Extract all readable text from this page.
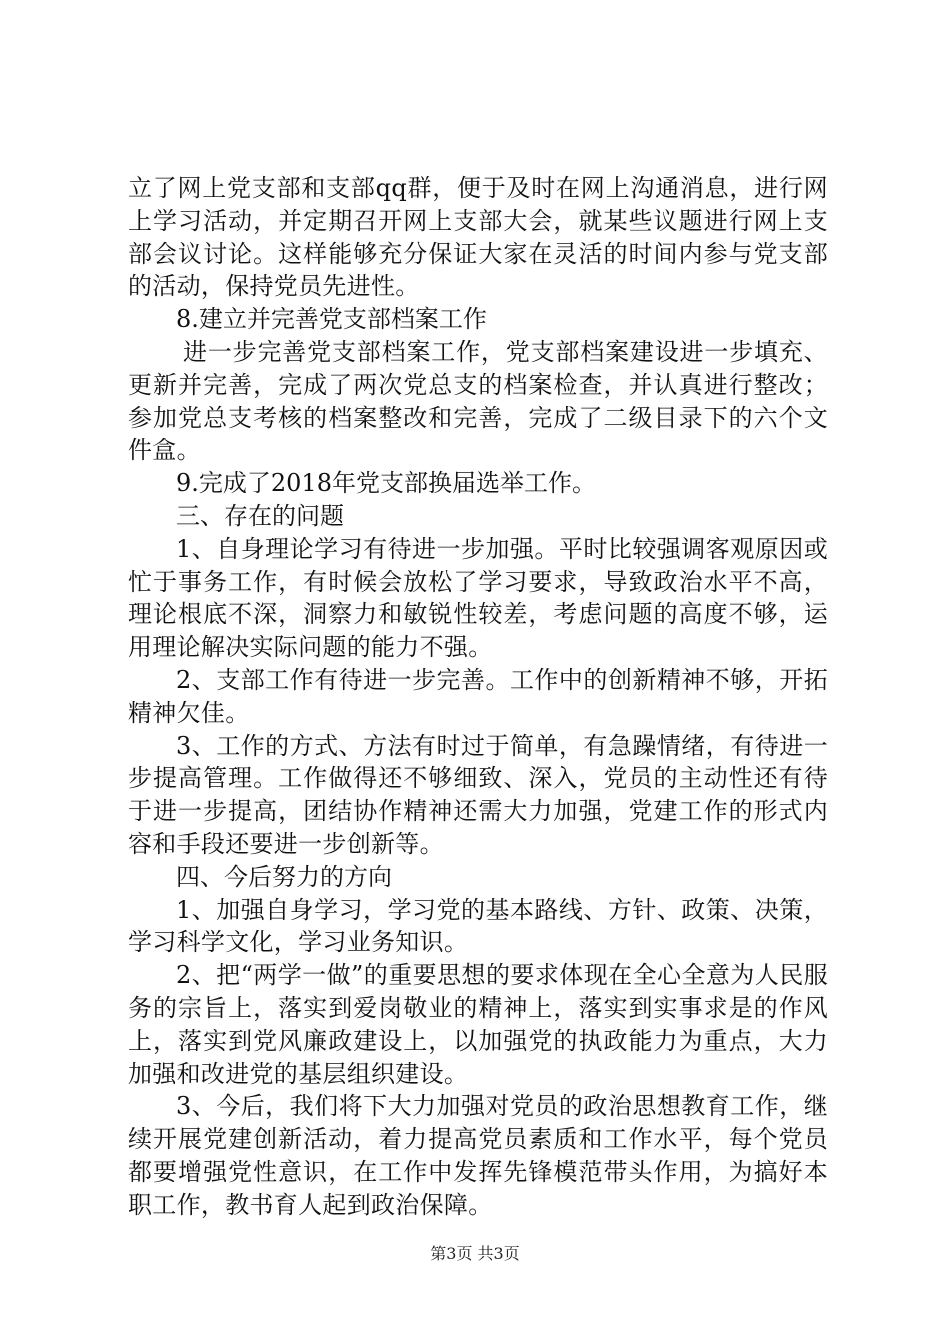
立了网上党支部和支部qq群，便于及时在网上沟通消息，进行网上学习活动，并定期召开网上支部大会，就某些议题进行网上支部会议讨论。这样能够充分保证大家在灵活的时间内参与党支部的活动，保持党员先进性。

8.建立并完善党支部档案工作

进一步完善党支部档案工作，党支部档案建设进一步填充、更新并完善，完成了两次党总支的档案检查，并认真进行整改；参加党总支考核的档案整改和完善，完成了二级目录下的六个文件盒。

9.完成了2018年党支部换届选举工作。

三、存在的问题

1、自身理论学习有待进一步加强。平时比较强调客观原因或忙于事务工作，有时候会放松了学习要求，导致政治水平不高，理论根底不深，洞察力和敏锐性较差，考虑问题的高度不够，运用理论解决实际问题的能力不强。

2、支部工作有待进一步完善。工作中的创新精神不够，开拓精神欠佳。

3、工作的方式、方法有时过于简单，有急躁情绪，有待进一步提高管理。工作做得还不够细致、深入，党员的主动性还有待于进一步提高，团结协作精神还需大力加强，党建工作的形式内容和手段还要进一步创新等。

四、今后努力的方向

1、加强自身学习，学习党的基本路线、方针、政策、决策，学习科学文化，学习业务知识。

2、把“两学一做”的重要思想的要求体现在全心全意为人民服务的宗旨上，落实到爱岗敬业的精神上，落实到实事求是的作风上，落实到党风廉政建设上，以加强党的执政能力为重点，大力加强和改进党的基层组织建设。

3、今后，我们将下大力加强对党员的政治思想教育工作，继续开展党建创新活动，着力提高党员素质和工作水平，每个党员都要增强党性意识，在工作中发挥先锋模范带头作用，为搞好本职工作，教书育人起到政治保障。

第3页 共3页
